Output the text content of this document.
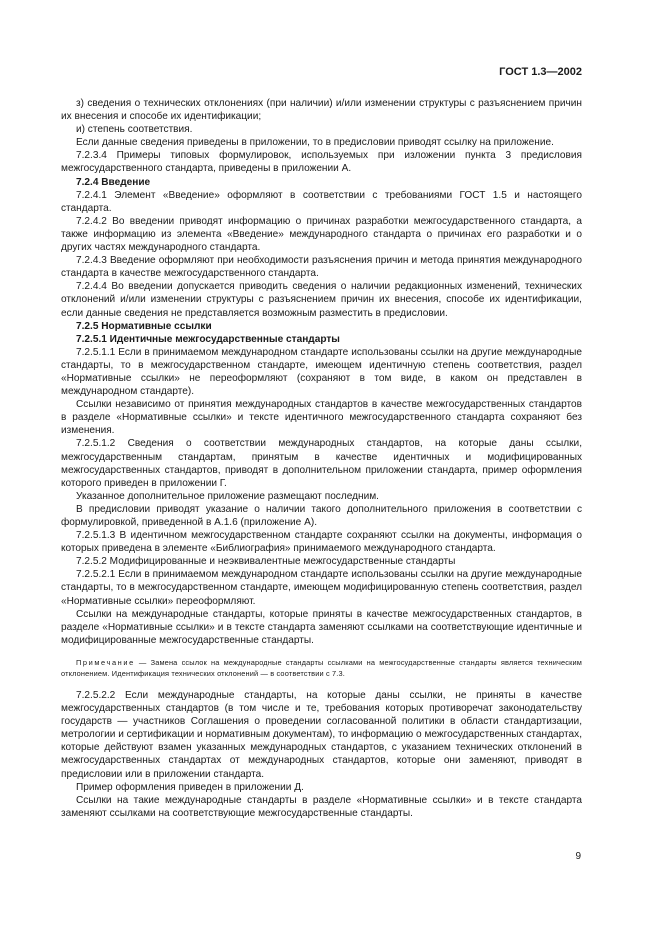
ГОСТ 1.3—2002

з) сведения о технических отклонениях (при наличии) и/или изменении структуры с разъяснением причин их внесения и способе их идентификации;

и) степень соответствия.

Если данные сведения приведены в приложении, то в предисловии приводят ссылку на приложение.

7.2.3.4 Примеры типовых формулировок, используемых при изложении пункта 3 предисловия межгосударственного стандарта, приведены в приложении А.

7.2.4 Введение

7.2.4.1 Элемент «Введение» оформляют в соответствии с требованиями ГОСТ 1.5 и настоящего стандарта.

7.2.4.2 Во введении приводят информацию о причинах разработки межгосударственного стандарта, а также информацию из элемента «Введение» международного стандарта о причинах его разработки и о других частях международного стандарта.

7.2.4.3 Введение оформляют при необходимости разъяснения причин и метода принятия международного стандарта в качестве межгосударственного стандарта.

7.2.4.4 Во введении допускается приводить сведения о наличии редакционных изменений, технических отклонений и/или изменении структуры с разъяснением причин их внесения, способе их идентификации, если данные сведения не представляется возможным разместить в предисловии.

7.2.5 Нормативные ссылки

7.2.5.1 Идентичные межгосударственные стандарты

7.2.5.1.1 Если в принимаемом международном стандарте использованы ссылки на другие международные стандарты, то в межгосударственном стандарте, имеющем идентичную степень соответствия, раздел «Нормативные ссылки» не переоформляют (сохраняют в том виде, в каком он представлен в международном стандарте).

Ссылки независимо от принятия международных стандартов в качестве межгосударственных стандартов в разделе «Нормативные ссылки» и тексте идентичного межгосударственного стандарта сохраняют без изменения.

7.2.5.1.2 Сведения о соответствии международных стандартов, на которые даны ссылки, межгосударственным стандартам, принятым в качестве идентичных и модифицированных межгосударственных стандартов, приводят в дополнительном приложении стандарта, пример оформления которого приведен в приложении Г.

Указанное дополнительное приложение размещают последним.

В предисловии приводят указание о наличии такого дополнительного приложения в соответствии с формулировкой, приведенной в А.1.6 (приложение А).

7.2.5.1.3 В идентичном межгосударственном стандарте сохраняют ссылки на документы, информация о которых приведена в элементе «Библиография» принимаемого международного стандарта.

7.2.5.2 Модифицированные и неэквивалентные межгосударственные стандарты

7.2.5.2.1 Если в принимаемом международном стандарте использованы ссылки на другие международные стандарты, то в межгосударственном стандарте, имеющем модифицированную степень соответствия, раздел «Нормативные ссылки» переоформляют.

Ссылки на международные стандарты, которые приняты в качестве межгосударственных стандартов, в разделе «Нормативные ссылки» и в тексте стандарта заменяют ссылками на соответствующие идентичные и модифицированные межгосударственные стандарты.

Примечание — Замена ссылок на международные стандарты ссылками на межгосударственные стандарты является техническим отклонением. Идентификация технических отклонений — в соответствии с 7.3.

7.2.5.2.2 Если международные стандарты, на которые даны ссылки, не приняты в качестве межгосударственных стандартов (в том числе и те, требования которых противоречат законодательству государств — участников Соглашения о проведении согласованной политики в области стандартизации, метрологии и сертификации и нормативным документам), то информацию о межгосударственных стандартах, которые действуют взамен указанных международных стандартов, с указанием технических отклонений в межгосударственных стандартах от международных стандартов, которые они заменяют, приводят в предисловии или в приложении стандарта.

Пример оформления приведен в приложении Д.

Ссылки на такие международные стандарты в разделе «Нормативные ссылки» и в тексте стандарта заменяют ссылками на соответствующие межгосударственные стандарты.

9
